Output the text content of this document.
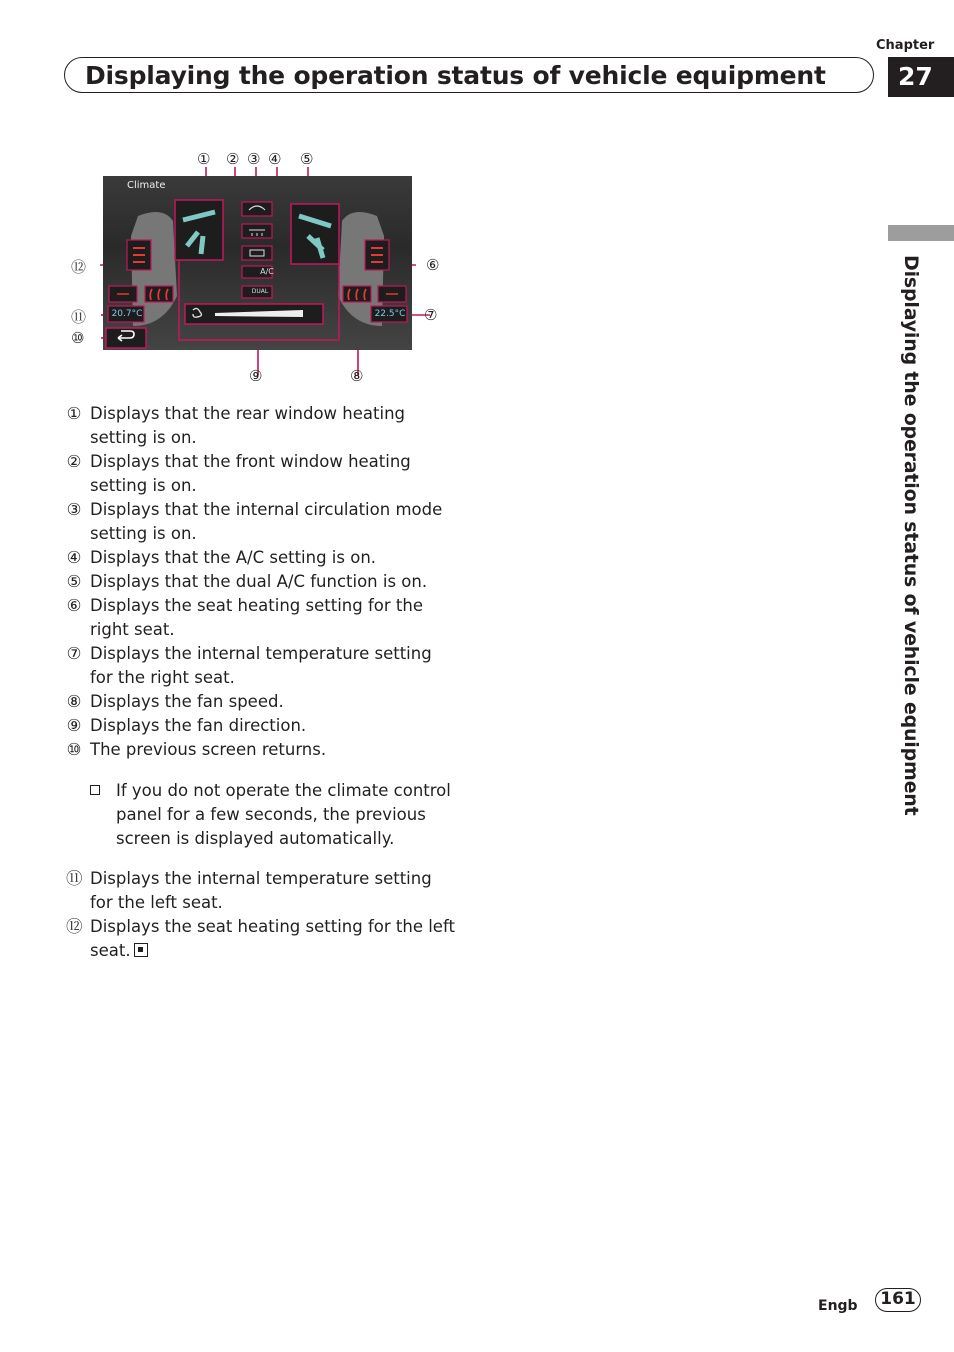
Chapter
27
Displaying the operation status of vehicle equipment
Displaying the operation status of vehicle equipment
Climate
A/C
DUAL
20.7°C	22.5°C
① ② ③ ④ ⑤
⑥
⑦
⑧
⑨
⑩
⑪
⑫

① Displays that the rear window heating setting is on.

② Displays that the front window heating setting is on.

③ Displays that the internal circulation mode setting is on.

④ Displays that the A/C setting is on.

⑤ Displays that the dual A/C function is on.

⑥ Displays the seat heating setting for the right seat.

⑦ Displays the internal temperature setting for the right seat.

⑧ Displays the fan speed.

⑨ Displays the fan direction.

⑩ The previous screen returns.

If you do not operate the climate control panel for a few seconds, the previous screen is displayed automatically.

⑪ Displays the internal temperature setting for the left seat.

⑫ Displays the seat heating setting for the left seat.

Engb	161
